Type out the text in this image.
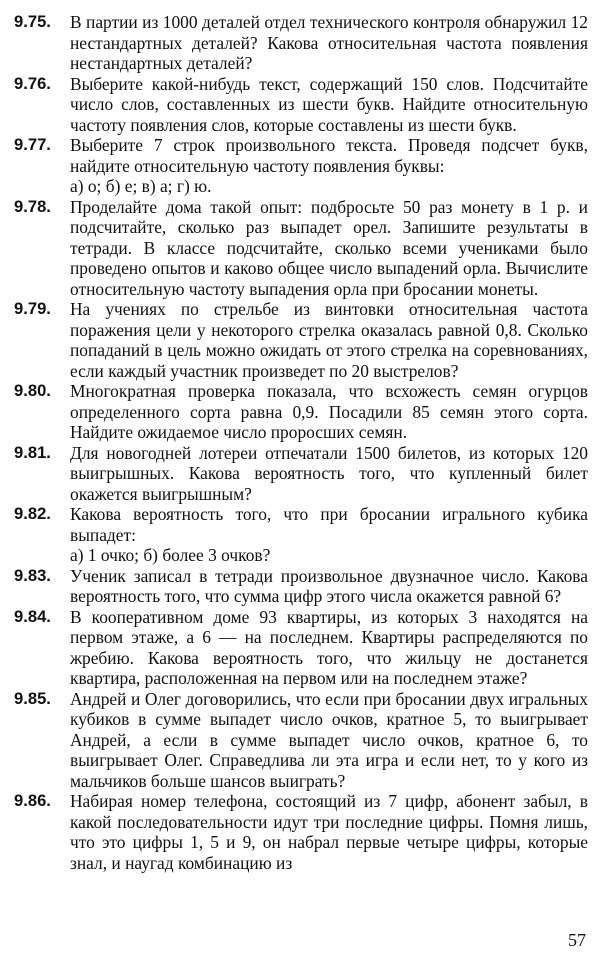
9.75. В партии из 1000 деталей отдел технического контроля обнаружил 12 нестандартных деталей? Какова относительная частота появления нестандартных деталей?
9.76. Выберите какой-нибудь текст, содержащий 150 слов. Подсчитайте число слов, составленных из шести букв. Найдите относительную частоту появления слов, которые составлены из шести букв.
9.77. Выберите 7 строк произвольного текста. Проведя подсчет букв, найдите относительную частоту появления буквы:
а) о; б) е; в) а; г) ю.
9.78. Проделайте дома такой опыт: подбросьте 50 раз монету в 1 р. и подсчитайте, сколько раз выпадет орел. Запишите результаты в тетради. В классе подсчитайте, сколько всеми учениками было проведено опытов и каково общее число выпадений орла. Вычислите относительную частоту выпадения орла при бросании монеты.
9.79. На учениях по стрельбе из винтовки относительная частота поражения цели у некоторого стрелка оказалась равной 0,8. Сколько попаданий в цель можно ожидать от этого стрелка на соревнованиях, если каждый участник произведет по 20 выстрелов?
9.80. Многократная проверка показала, что всхожесть семян огурцов определенного сорта равна 0,9. Посадили 85 семян этого сорта. Найдите ожидаемое число проросших семян.
9.81. Для новогодней лотереи отпечатали 1500 билетов, из которых 120 выигрышных. Какова вероятность того, что купленный билет окажется выигрышным?
9.82. Какова вероятность того, что при бросании игрального кубика выпадет:
а) 1 очко; б) более 3 очков?
9.83. Ученик записал в тетради произвольное двузначное число. Какова вероятность того, что сумма цифр этого числа окажется равной 6?
9.84. В кооперативном доме 93 квартиры, из которых 3 находятся на первом этаже, а 6 — на последнем. Квартиры распределяются по жребию. Какова вероятность того, что жильцу не достанется квартира, расположенная на первом или на последнем этаже?
9.85. Андрей и Олег договорились, что если при бросании двух игральных кубиков в сумме выпадет число очков, кратное 5, то выигрывает Андрей, а если в сумме выпадет число очков, кратное 6, то выигрывает Олег. Справедлива ли эта игра и если нет, то у кого из мальчиков больше шансов выиграть?
9.86. Набирая номер телефона, состоящий из 7 цифр, абонент забыл, в какой последовательности идут три последние цифры. Помня лишь, что это цифры 1, 5 и 9, он набрал первые четыре цифры, которые знал, и наугад комбинацию из
57
